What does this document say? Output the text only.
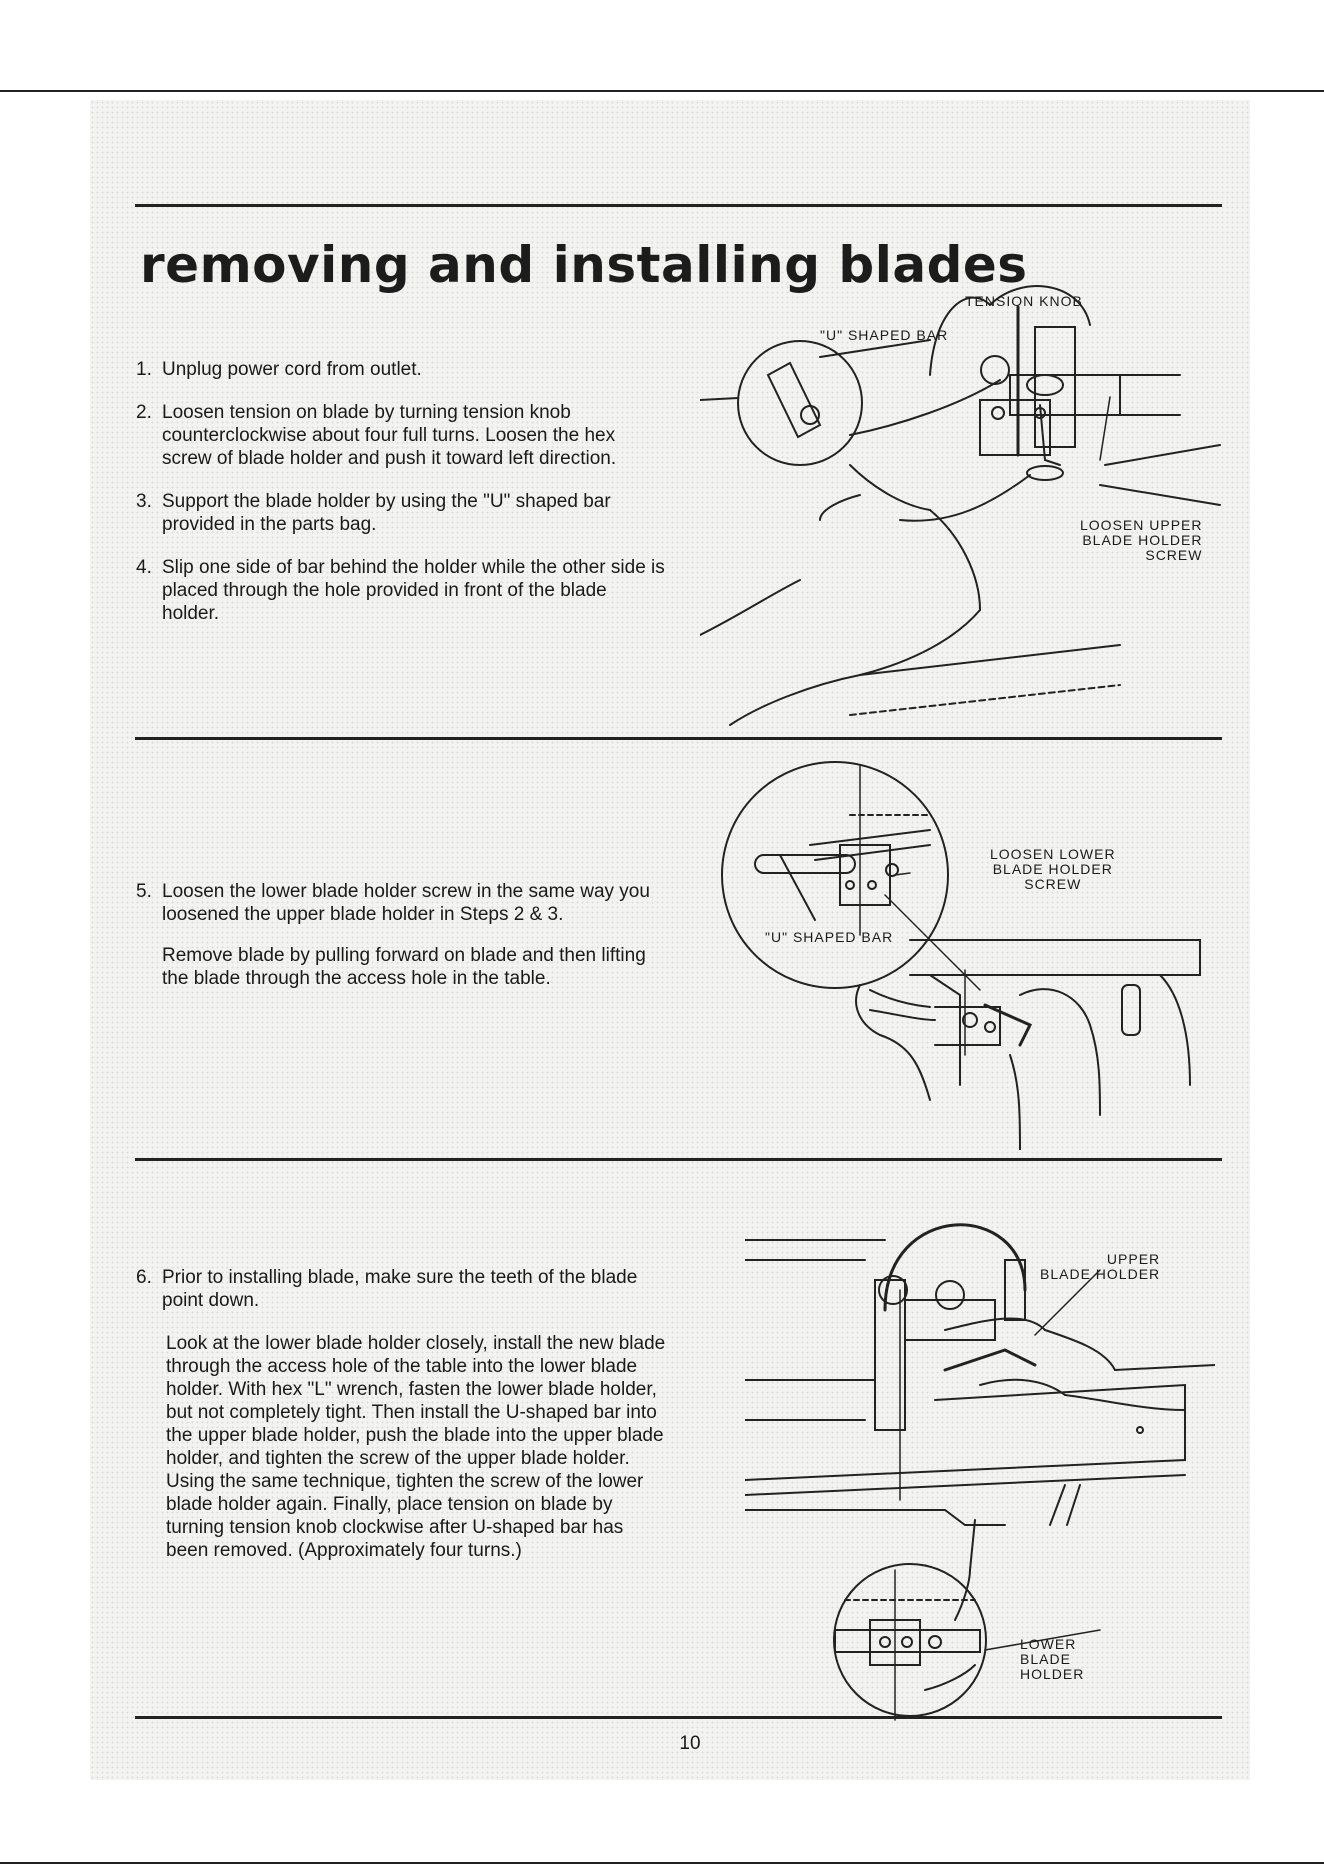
removing and installing blades
1. Unplug power cord from outlet.
2. Loosen tension on blade by turning tension knob counterclockwise about four full turns. Loosen the hex screw of blade holder and push it toward left direction.
3. Support the blade holder by using the "U" shaped bar provided in the parts bag.
4. Slip one side of bar behind the holder while the other side is placed through the hole provided in front of the blade holder.
TENSION KNOB
"U" SHAPED BAR
LOOSEN UPPER
BLADE HOLDER
SCREW
5. Loosen the lower blade holder screw in the same way you loosened the upper blade holder in Steps 2 & 3.

Remove blade by pulling forward on blade and then lifting the blade through the access hole in the table.

LOOSEN LOWER
BLADE HOLDER
SCREW
"U" SHAPED BAR
6. Prior to installing blade, make sure the teeth of the blade point down.

Look at the lower blade holder closely, install the new blade through the access hole of the table into the lower blade holder. With hex "L" wrench, fasten the lower blade holder, but not completely tight. Then install the U-shaped bar into the upper blade holder, push the blade into the upper blade holder, and tighten the screw of the upper blade holder. Using the same technique, tighten the screw of the lower blade holder again. Finally, place tension on blade by turning tension knob clockwise after U-shaped bar has been removed. (Approximately four turns.)

UPPER
BLADE HOLDER
LOWER
BLADE
HOLDER
10
